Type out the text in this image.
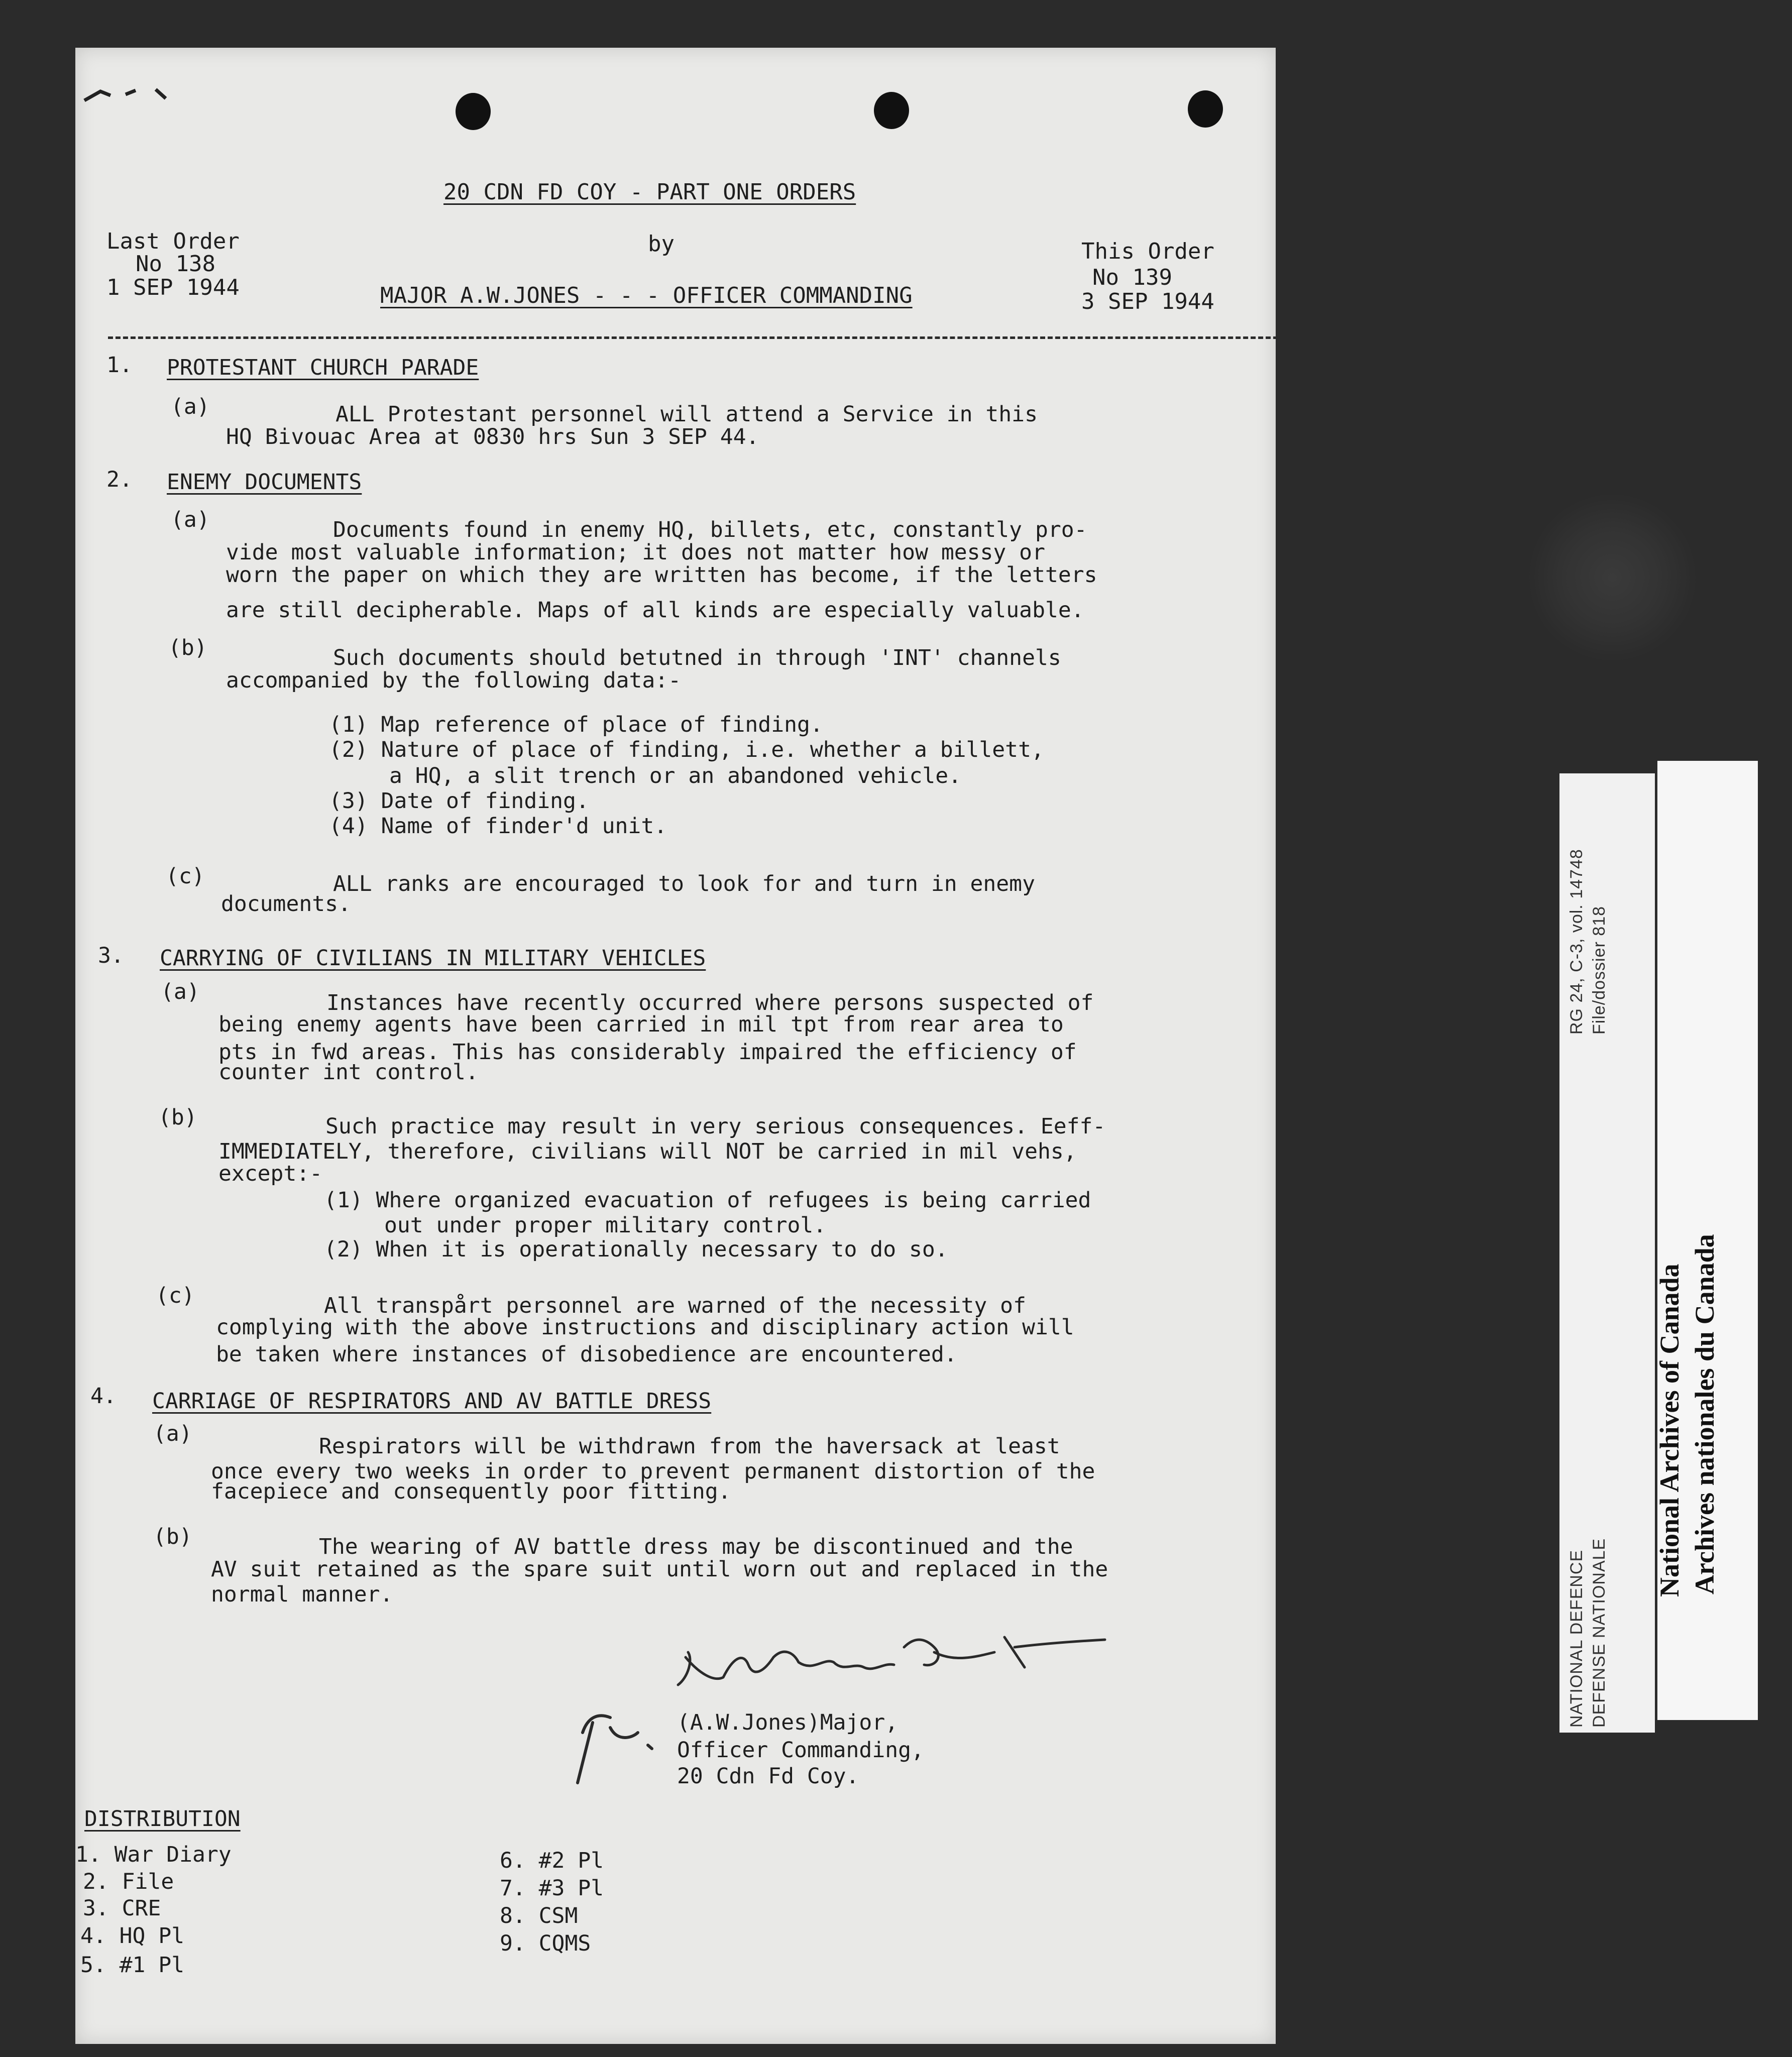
20 CDN FD COY - PART ONE ORDERS
by
MAJOR A.W.JONES - - - OFFICER COMMANDING
Last Order
No 138
1 SEP 1944
This Order
No 139
3 SEP 1944
1. PROTESTANT CHURCH PARADE
(a)	ALL Protestant personnel will attend a Service in this
HQ Bivouac Area at 0830 hrs Sun 3 SEP 44.
2. ENEMY DOCUMENTS
(a)	Documents found in enemy HQ, billets, etc, constantly pro-
vide most valuable information; it does not matter how messy or
worn the paper on which they are written has become, if the letters
are still decipherable. Maps of all kinds are especially valuable.
(b)	Such documents should betutned in through 'INT' channels
accompanied by the following data:-
(1) Map reference of place of finding.
(2) Nature of place of finding, i.e. whether a billett,
a HQ, a slit trench or an abandoned vehicle.
(3) Date of finding.
(4) Name of finder'd unit.
(c)	ALL ranks are encouraged to look for and turn in enemy
documents.
3. CARRYING OF CIVILIANS IN MILITARY VEHICLES
(a)	Instances have recently occurred where persons suspected of
being enemy agents have been carried in mil tpt from rear area to
pts in fwd areas. This has considerably impaired the efficiency of
counter int control.
(b)	Such practice may result in very serious consequences. Eeff-
IMMEDIATELY, therefore, civilians will NOT be carried in mil vehs,
except:-
(1) Where organized evacuation of refugees is being carried
out under proper military control.
(2) When it is operationally necessary to do so.
(c)	All transpårt personnel are warned of the necessity of
complying with the above instructions and disciplinary action will
be taken where instances of disobedience are encountered.
4. CARRIAGE OF RESPIRATORS AND AV BATTLE DRESS
(a)	Respirators will be withdrawn from the haversack at least
once every two weeks in order to prevent permanent distortion of the
facepiece and consequently poor fitting.
(b)	The wearing of AV battle dress may be discontinued and the
AV suit retained as the spare suit until worn out and replaced in the
normal manner.
(A.W.Jones)Major,
Officer Commanding,
20 Cdn Fd Coy.
DISTRIBUTION
1. War Diary
2. File
3. CRE
4. HQ Pl
5. #1 Pl
6. #2 Pl
7. #3 Pl
8. CSM
9. CQMS
RG 24, C-3, vol. 14748 File/dossier 818
NATIONAL DEFENCE DEFENSE NATIONALE
National Archives of Canada Archives nationales du Canada
